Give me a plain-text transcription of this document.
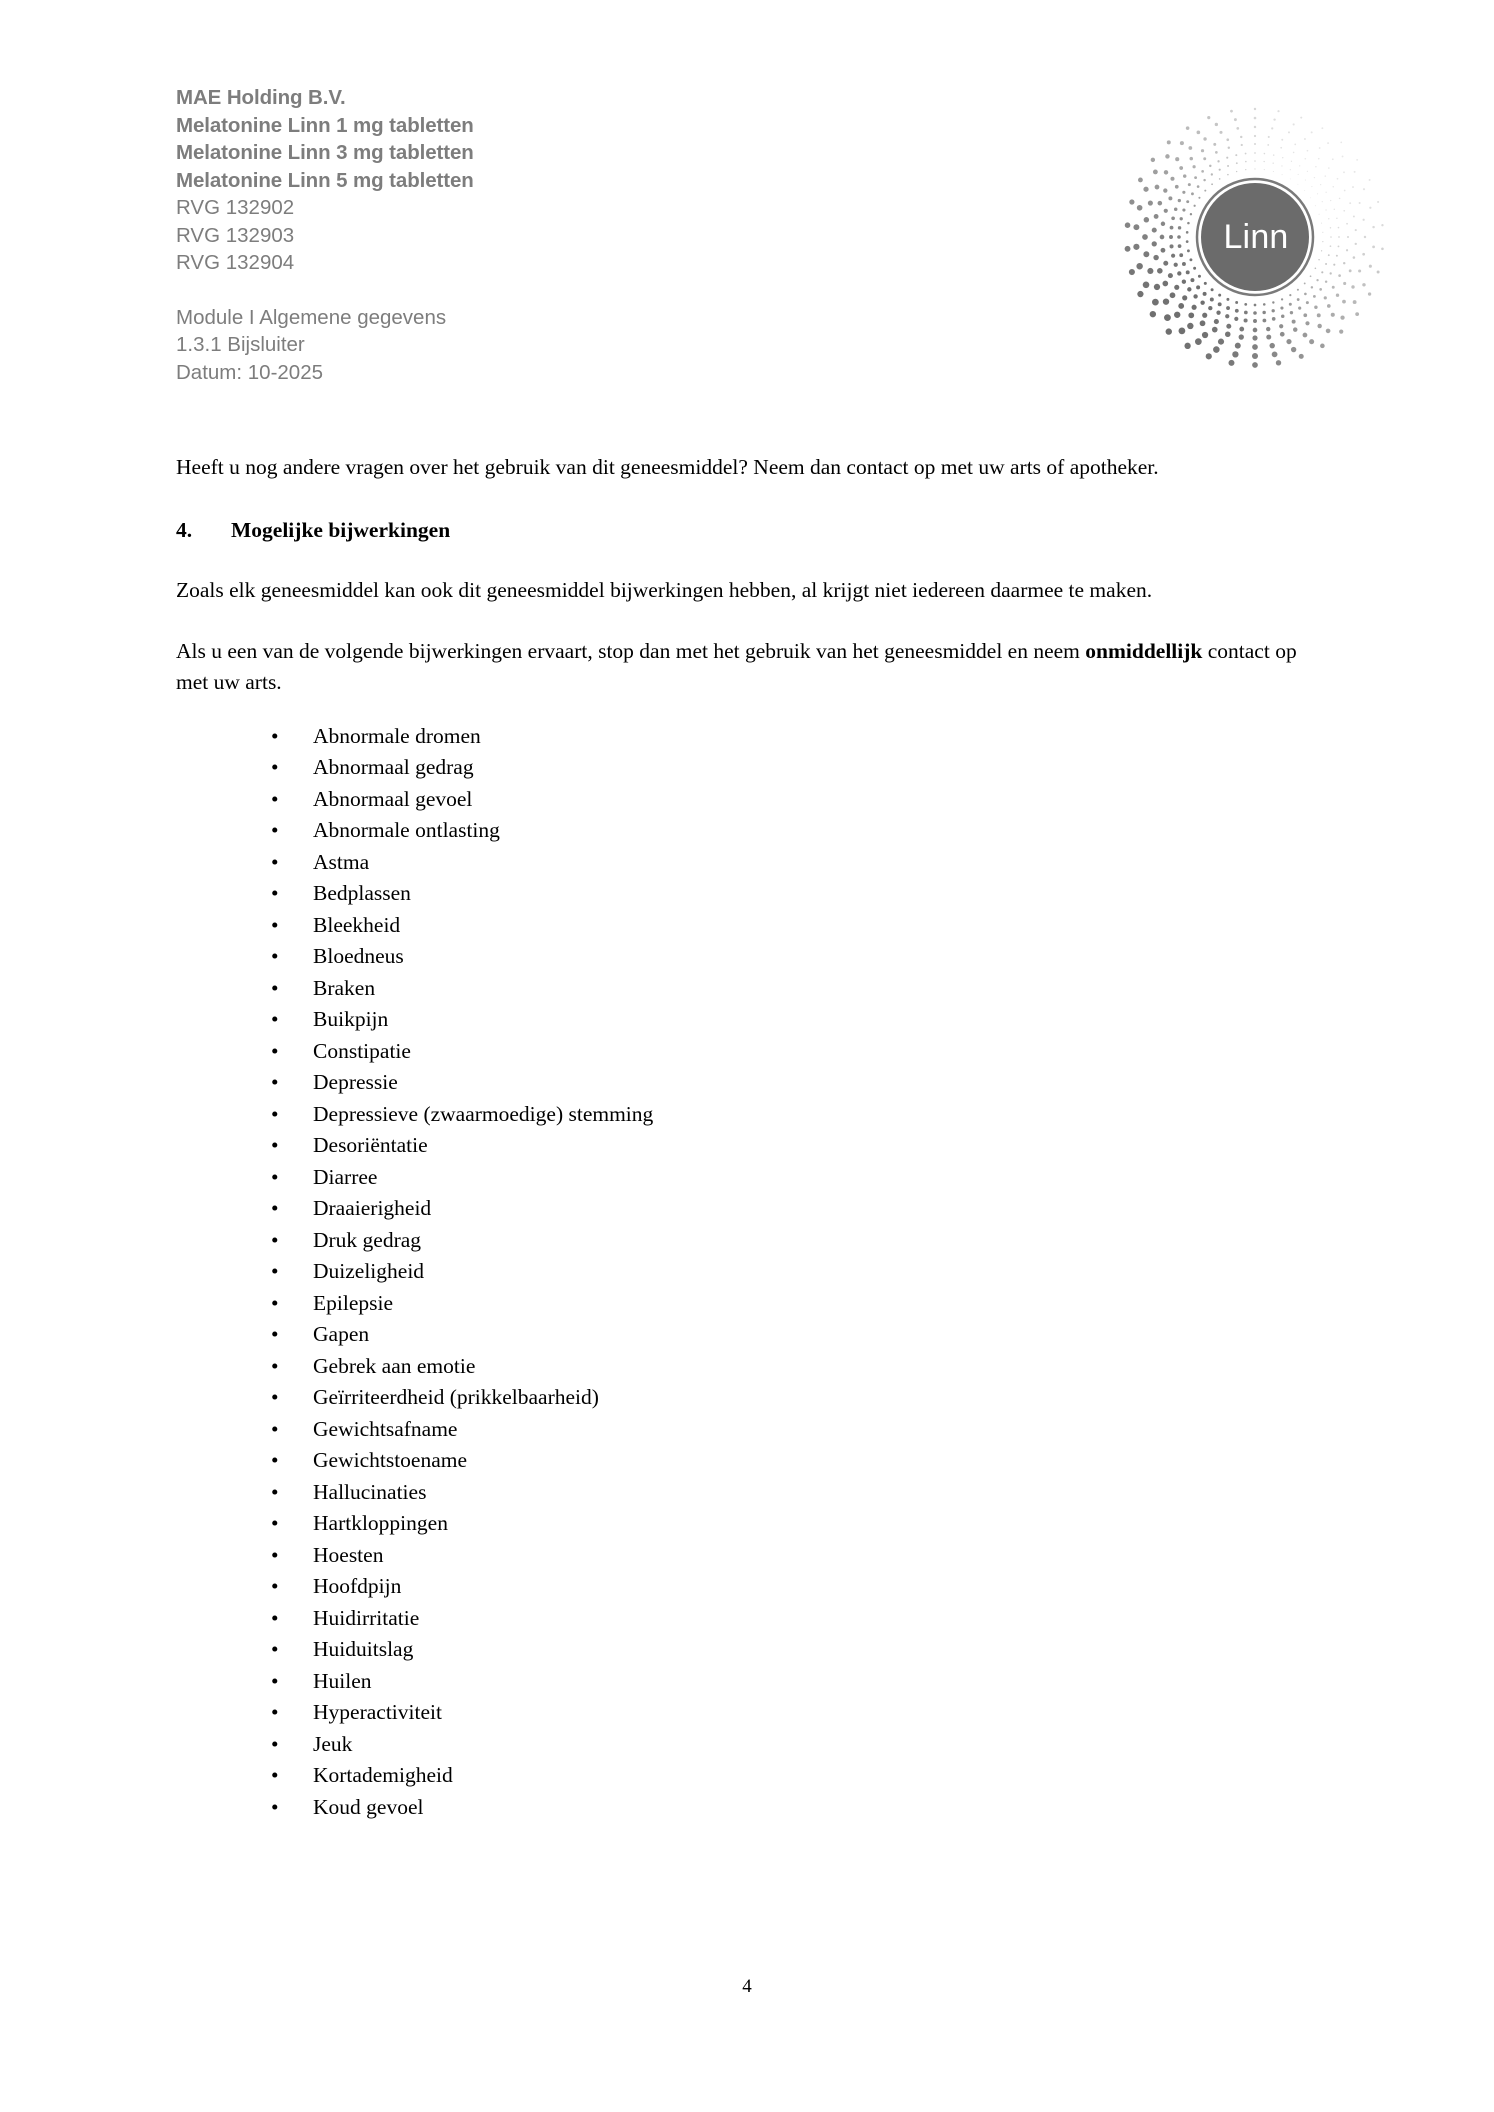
MAE Holding B.V.
Melatonine Linn 1 mg tabletten
Melatonine Linn 3 mg tabletten
Melatonine Linn 5 mg tabletten
RVG 132902
RVG 132903
RVG 132904
Module I Algemene gegevens
1.3.1 Bijsluiter
Datum: 10-2025
Linn

Heeft u nog andere vragen over het gebruik van dit geneesmiddel? Neem dan contact op met uw arts of apotheker.

4. Mogelijke bijwerkingen

Zoals elk geneesmiddel kan ook dit geneesmiddel bijwerkingen hebben, al krijgt niet iedereen daarmee te maken.

Als u een van de volgende bijwerkingen ervaart, stop dan met het gebruik van het geneesmiddel en neem onmiddellijk contact op met uw arts.

• Abnormale dromen
• Abnormaal gedrag
• Abnormaal gevoel
• Abnormale ontlasting
• Astma
• Bedplassen
• Bleekheid
• Bloedneus
• Braken
• Buikpijn
• Constipatie
• Depressie
• Depressieve (zwaarmoedige) stemming
• Desoriëntatie
• Diarree
• Draaierigheid
• Druk gedrag
• Duizeligheid
• Epilepsie
• Gapen
• Gebrek aan emotie
• Geïrriteerdheid (prikkelbaarheid)
• Gewichtsafname
• Gewichtstoename
• Hallucinaties
• Hartkloppingen
• Hoesten
• Hoofdpijn
• Huidirritatie
• Huiduitslag
• Huilen
• Hyperactiviteit
• Jeuk
• Kortademigheid
• Koud gevoel
4
